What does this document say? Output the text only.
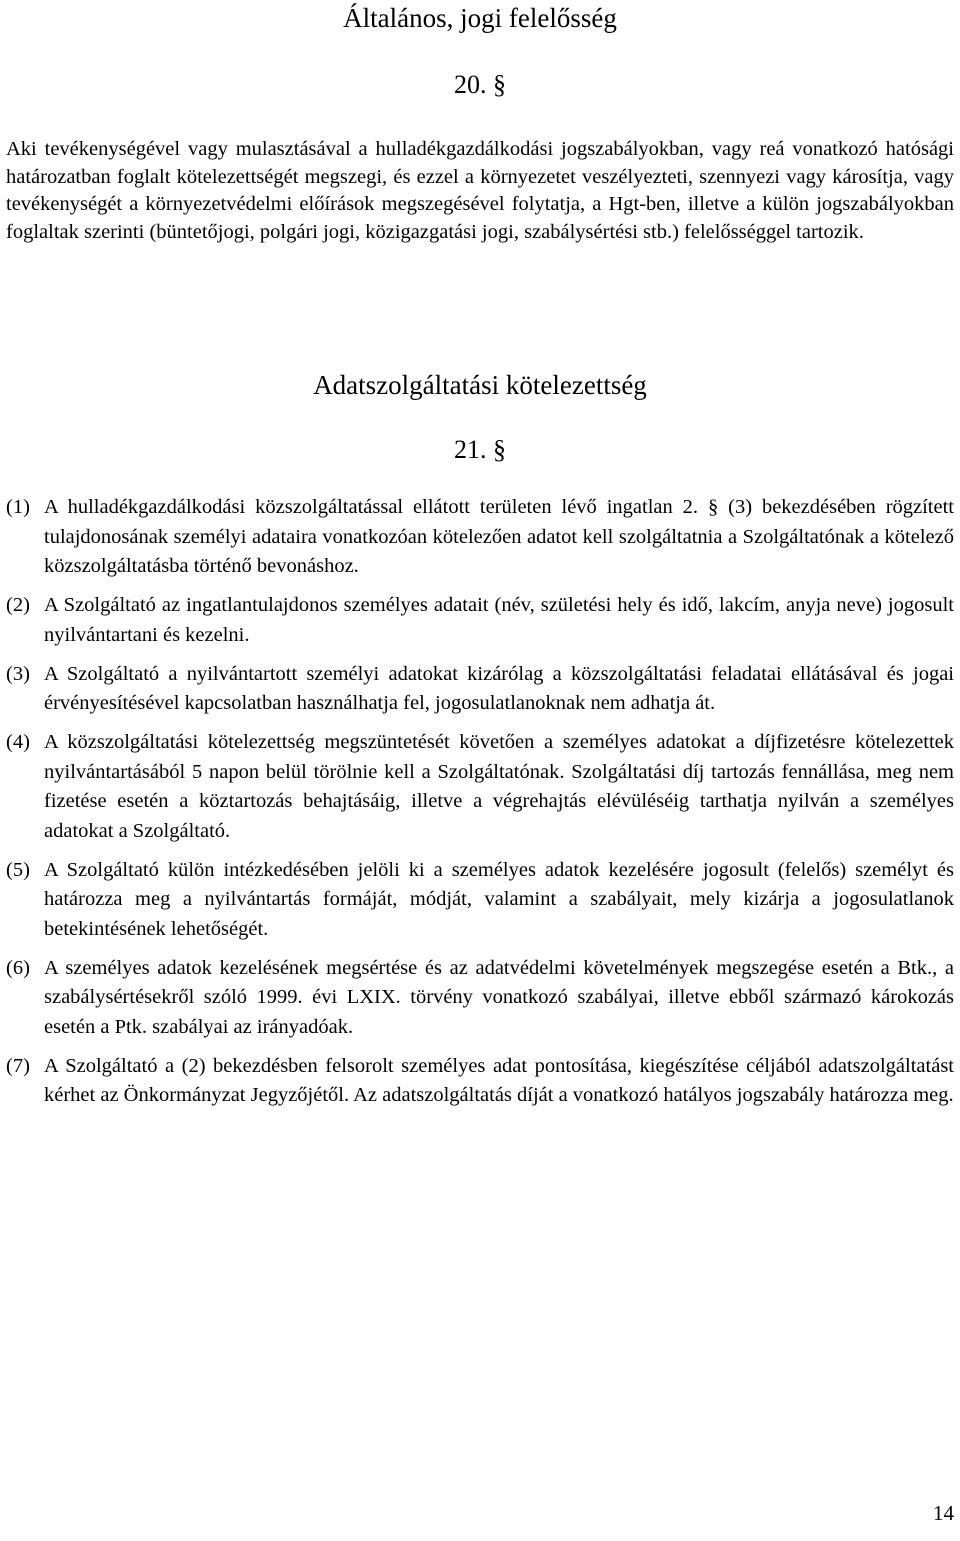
Általános, jogi felelősség
20. §

Aki tevékenységével vagy mulasztásával a hulladékgazdálkodási jogszabályokban, vagy reá vonatkozó hatósági határozatban foglalt kötelezettségét megszegi, és ezzel a környezetet veszélyezteti, szennyezi vagy károsítja, vagy tevékenységét a környezetvédelmi előírások megszegésével folytatja, a Hgt-ben, illetve a külön jogszabályokban foglaltak szerinti (büntetőjogi, polgári jogi, közigazgatási jogi, szabálysértési stb.) felelősséggel tartozik.

Adatszolgáltatási kötelezettség
21. §
(1) A hulladékgazdálkodási közszolgáltatással ellátott területen lévő ingatlan 2. § (3) bekezdésében rögzített tulajdonosának személyi adataira vonatkozóan kötelezően adatot kell szolgáltatnia a Szolgáltatónak a kötelező közszolgáltatásba történő bevonáshoz.
(2) A Szolgáltató az ingatlantulajdonos személyes adatait (név, születési hely és idő, lakcím, anyja neve) jogosult nyilvántartani és kezelni.
(3) A Szolgáltató a nyilvántartott személyi adatokat kizárólag a közszolgáltatási feladatai ellátásával és jogai érvényesítésével kapcsolatban használhatja fel, jogosulatlanoknak nem adhatja át.
(4) A közszolgáltatási kötelezettség megszüntetését követően a személyes adatokat a díjfizetésre kötelezettek nyilvántartásából 5 napon belül törölnie kell a Szolgáltatónak. Szolgáltatási díj tartozás fennállása, meg nem fizetése esetén a köztartozás behajtásáig, illetve a végrehajtás elévüléséig tarthatja nyilván a személyes adatokat a Szolgáltató.
(5) A Szolgáltató külön intézkedésében jelöli ki a személyes adatok kezelésére jogosult (felelős) személyt és határozza meg a nyilvántartás formáját, módját, valamint a szabályait, mely kizárja a jogosulatlanok betekintésének lehetőségét.
(6) A személyes adatok kezelésének megsértése és az adatvédelmi követelmények megszegése esetén a Btk., a szabálysértésekről szóló 1999. évi LXIX. törvény vonatkozó szabályai, illetve ebből származó károkozás esetén a Ptk. szabályai az irányadóak.
(7) A Szolgáltató a (2) bekezdésben felsorolt személyes adat pontosítása, kiegészítése céljából adatszolgáltatást kérhet az Önkormányzat Jegyzőjétől. Az adatszolgáltatás díját a vonatkozó hatályos jogszabály határozza meg.
14
